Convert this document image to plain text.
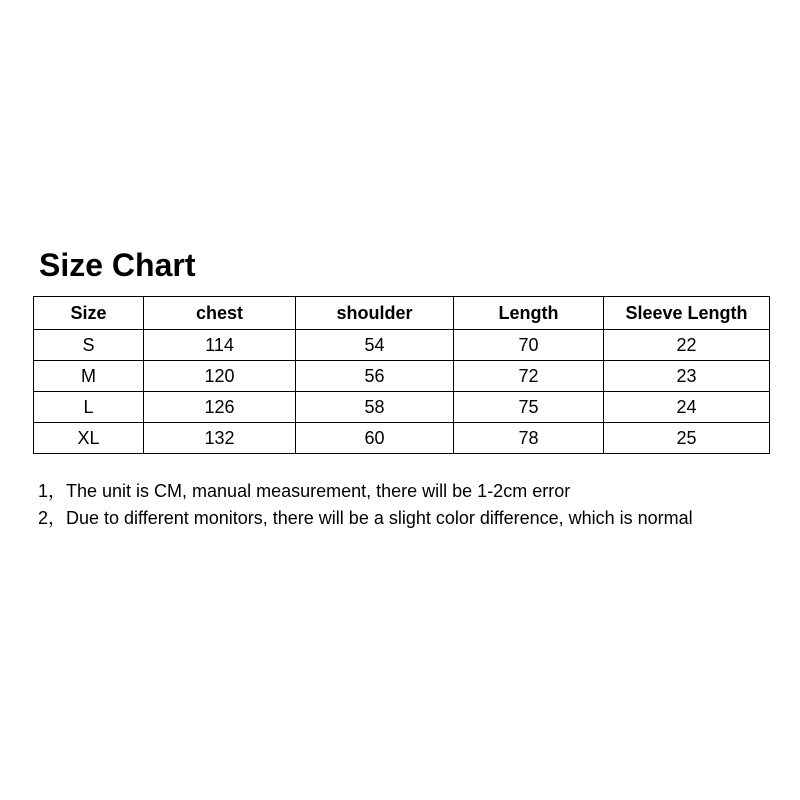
Size Chart
Size	chest	shoulder	Length	Sleeve Length
S	114	54	70	22
M	120	56	72	23
L	126	58	75	24
XL	132	60	78	25

1，The unit is CM, manual measurement, there will be 1-2cm error

2，Due to different monitors, there will be a slight color difference, which is normal
